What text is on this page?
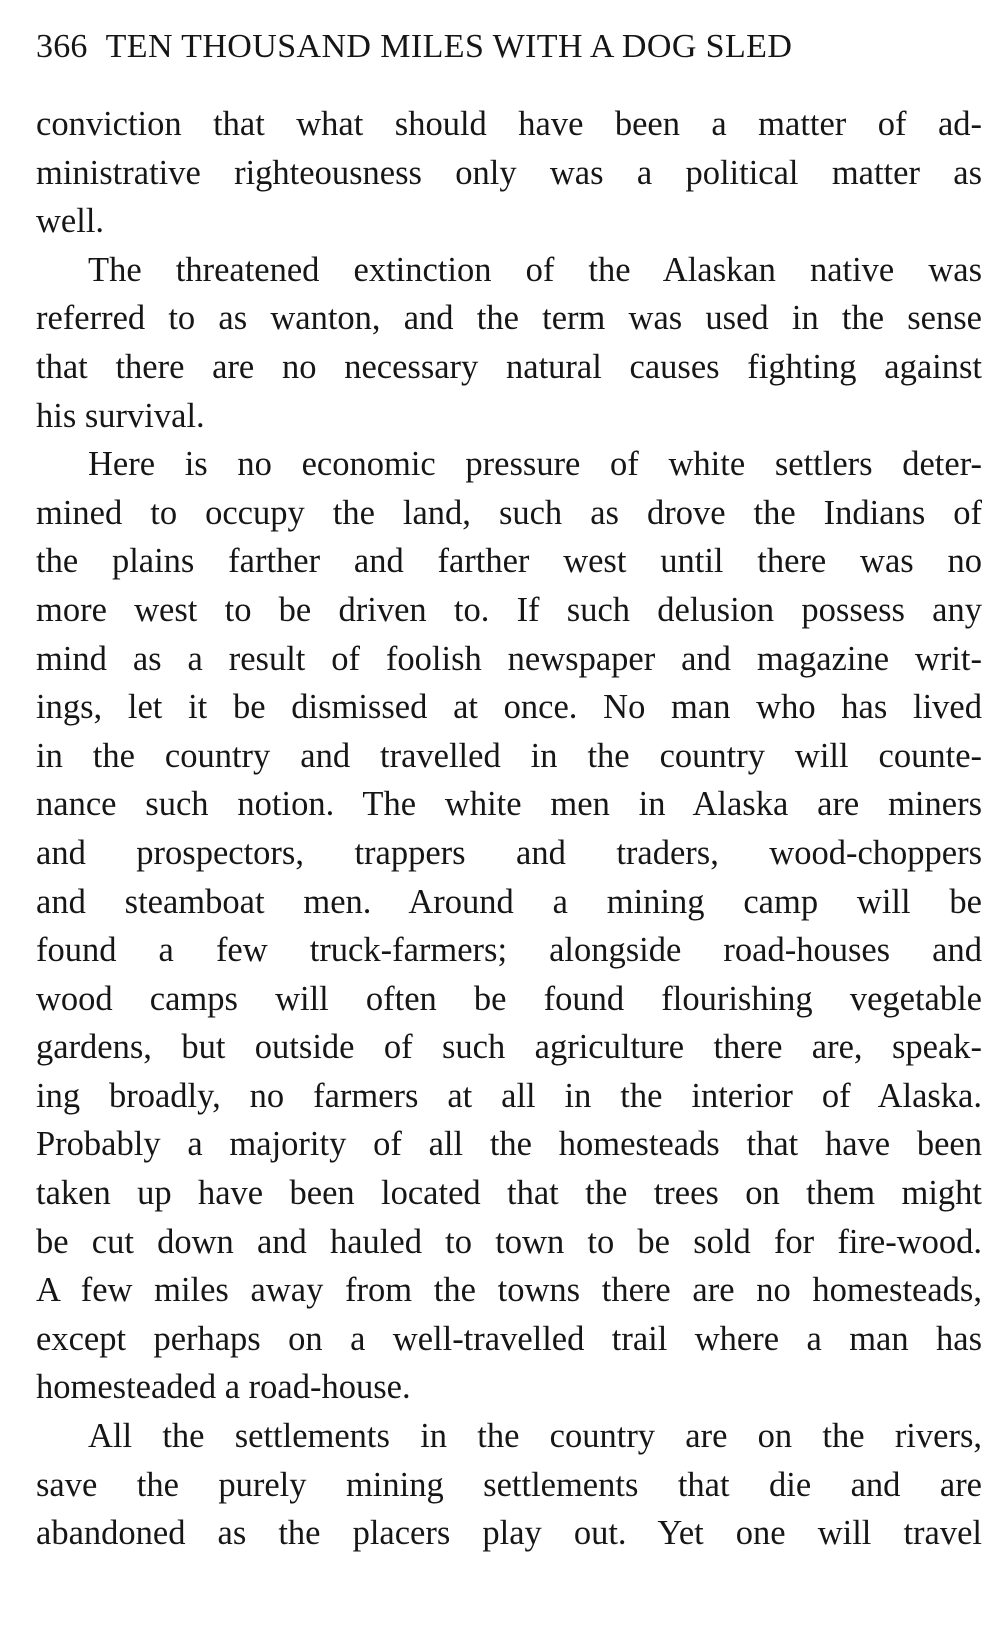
366 TEN THOUSAND MILES WITH A DOG SLED

conviction that what should have been a matter of ad-

ministrative righteousness only was a political matter as

well.

The threatened extinction of the Alaskan native was

referred to as wanton, and the term was used in the sense

that there are no necessary natural causes fighting against

his survival.

Here is no economic pressure of white settlers deter-

mined to occupy the land, such as drove the Indians of

the plains farther and farther west until there was no

more west to be driven to. If such delusion possess any

mind as a result of foolish newspaper and magazine writ-

ings, let it be dismissed at once. No man who has lived

in the country and travelled in the country will counte-

nance such notion. The white men in Alaska are miners

and prospectors, trappers and traders, wood-choppers

and steamboat men. Around a mining camp will be

found a few truck-farmers; alongside road-houses and

wood camps will often be found flourishing vegetable

gardens, but outside of such agriculture there are, speak-

ing broadly, no farmers at all in the interior of Alaska.

Probably a majority of all the homesteads that have been

taken up have been located that the trees on them might

be cut down and hauled to town to be sold for fire-wood.

A few miles away from the towns there are no homesteads,

except perhaps on a well-travelled trail where a man has

homesteaded a road-house.

All the settlements in the country are on the rivers,

save the purely mining settlements that die and are

abandoned as the placers play out. Yet one will travel
